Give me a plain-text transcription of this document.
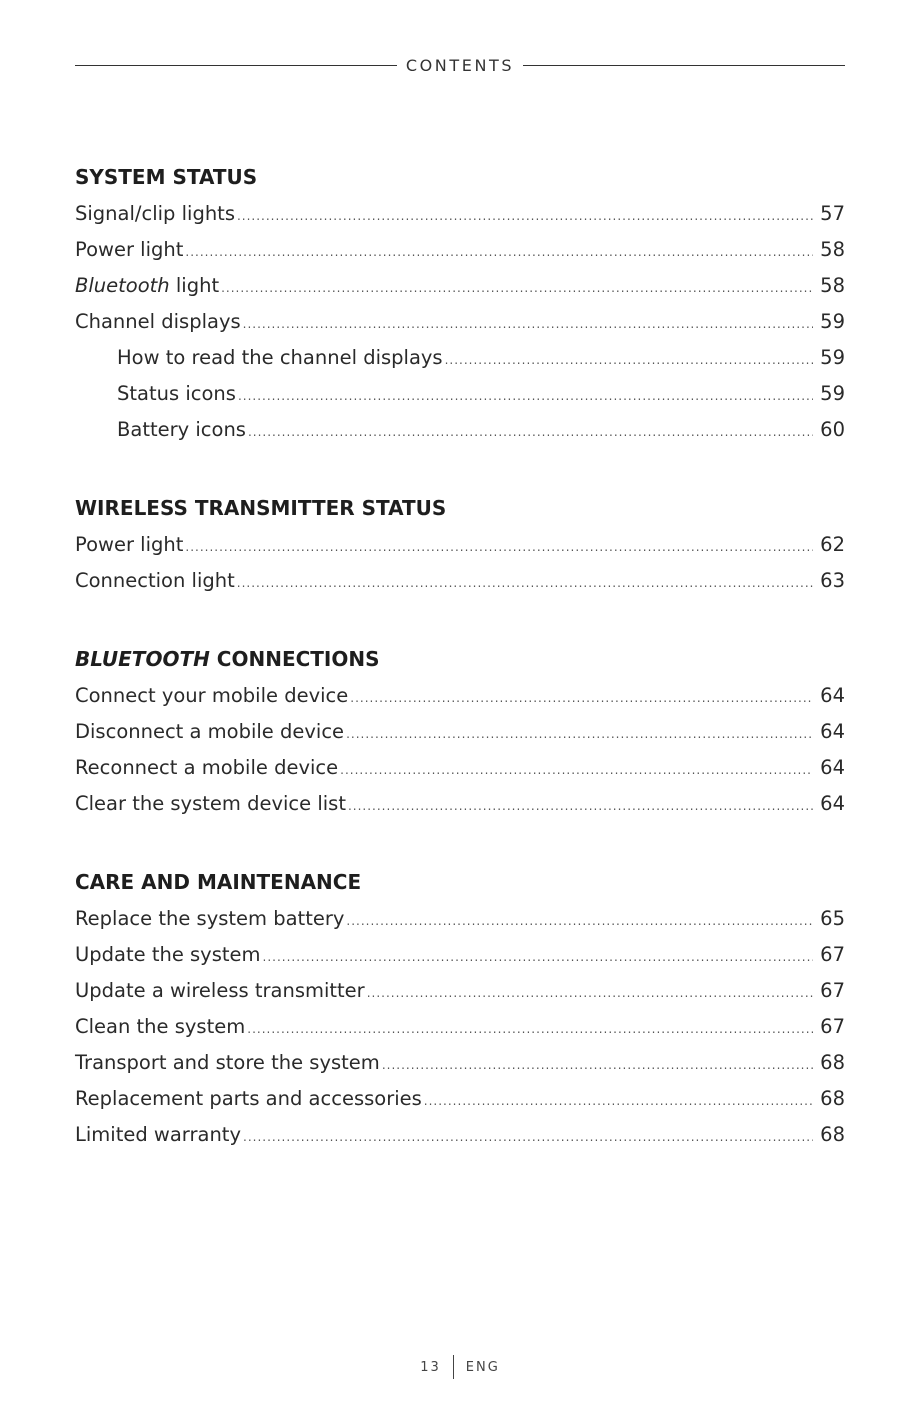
CONTENTS
SYSTEM STATUS
Signal/clip lights .....	57
Power light .....	58
Bluetooth light .....	58
Channel displays .....	59
How to read the channel displays .....	59
Status icons .....	59
Battery icons .....	60
WIRELESS TRANSMITTER STATUS
Power light .....	62
Connection light .....	63
BLUETOOTH CONNECTIONS
Connect your mobile device .....	64
Disconnect a mobile device .....	64
Reconnect a mobile device .....	64
Clear the system device list .....	64
CARE AND MAINTENANCE
Replace the system battery .....	65
Update the system .....	67
Update a wireless transmitter .....	67
Clean the system .....	67
Transport and store the system .....	68
Replacement parts and accessories .....	68
Limited warranty .....	68
13 ENG
